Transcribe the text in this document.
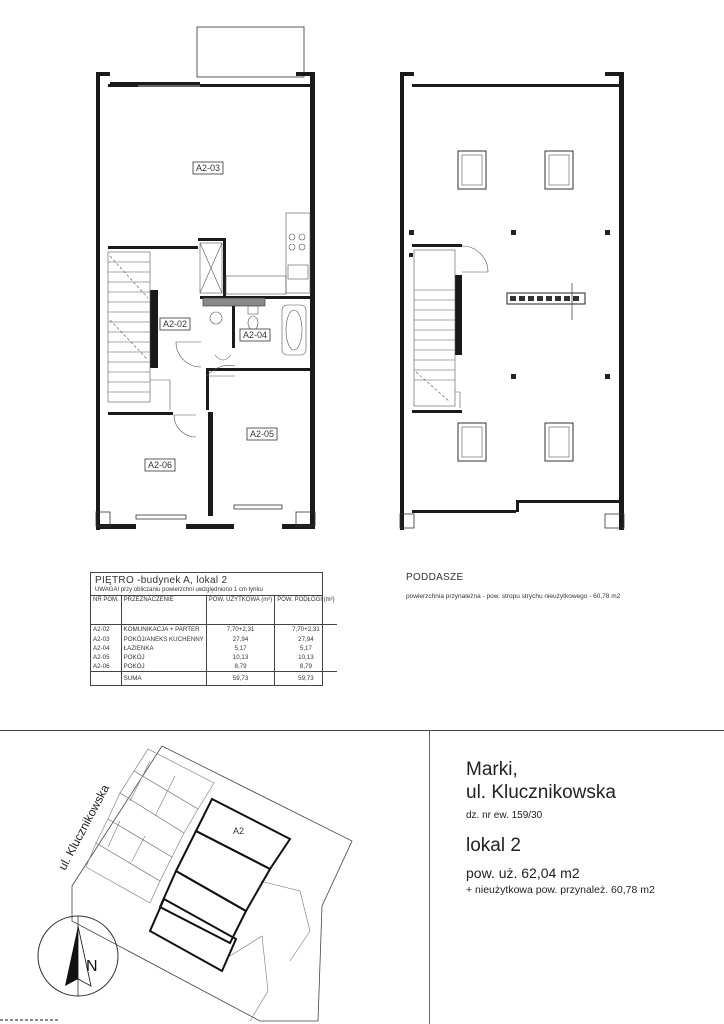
A2-03
A2-02
A2-04
A2-05
A2-06
PIĘTRO -budynek A, lokal 2
UWAGA! przy obliczaniu powierzchni uwzględniono 1 cm tynku
NR POM.	PRZEZNACZENIE	POW. UŻYTKOWA (m²)	POW. PODŁOGI (m²)
A2-02	KOMUNIKACJA + PARTER	7,70+2,31	7,70+2,31
A2-03	POKÓJ/ANEKS KUCHENNY	27,94	27,94
A2-04	ŁAZIENKA	5,17	5,17
A2-05	POKÓJ	10,13	10,13
A2-06	POKÓJ	8,79	8,79
	SUMA	59,73	59,73
PODDASZE
powierzchnia przynależna - pow. stropu strychu nieużytkowego - 60,78 m2
A2
ul. Klucznikowska
N
Marki,
ul. Klucznikowska
dz. nr ew. 159/30
lokal 2
pow. uż. 62,04 m2
+ nieużytkowa pow. przynależ. 60,78 m2
